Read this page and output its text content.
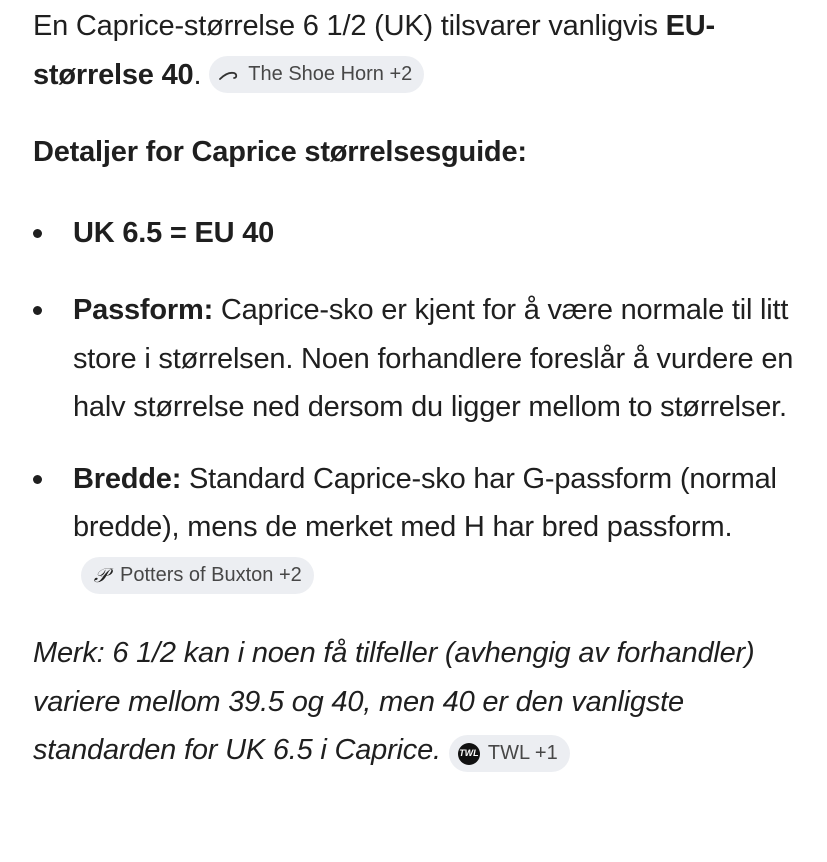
En Caprice-størrelse 6 1/2 (UK) tilsvarer vanligvis EU-størrelse 40. The Shoe Horn +2

Detaljer for Caprice størrelsesguide:

UK 6.5 = EU 40
Passform: Caprice-sko er kjent for å være normale til litt store i størrelsen. Noen forhandlere foreslår å vurdere en halv størrelse ned dersom du ligger mellom to størrelser.
Bredde: Standard Caprice-sko har G-passform (normal bredde), mens de merket med H har bred passform.
𝒫 Potters of Buxton +2

Merk: 6 1/2 kan i noen få tilfeller (avhengig av forhandler) variere mellom 39.5 og 40, men 40 er den vanligste standarden for UK 6.5 i Caprice. TWL TWL +1
